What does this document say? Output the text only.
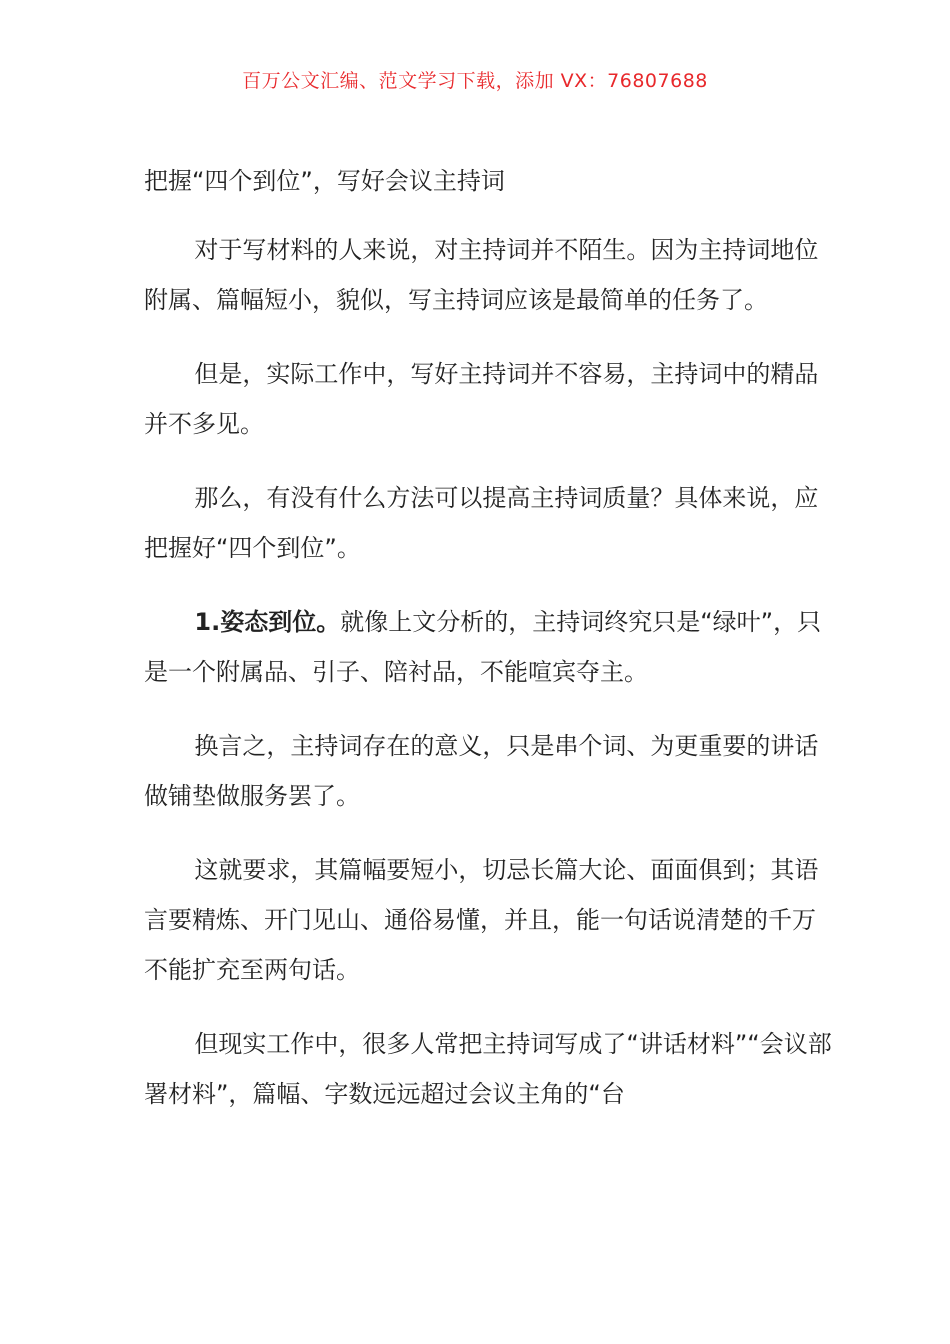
百万公文汇编、范文学习下载，添加 VX：76807688
把握“四个到位”，写好会议主持词

对于写材料的人来说，对主持词并不陌生。因为主持词地位附属、篇幅短小，貌似，写主持词应该是最简单的任务了。

但是，实际工作中，写好主持词并不容易，主持词中的精品并不多见。

那么，有没有什么方法可以提高主持词质量？具体来说，应把握好“四个到位”。

1.姿态到位。就像上文分析的，主持词终究只是“绿叶”，只是一个附属品、引子、陪衬品，不能喧宾夺主。

换言之，主持词存在的意义，只是串个词、为更重要的讲话做铺垫做服务罢了。

这就要求，其篇幅要短小，切忌长篇大论、面面俱到；其语言要精炼、开门见山、通俗易懂，并且，能一句话说清楚的千万不能扩充至两句话。

但现实工作中，很多人常把主持词写成了“讲话材料”“会议部署材料”，篇幅、字数远远超过会议主角的“台
